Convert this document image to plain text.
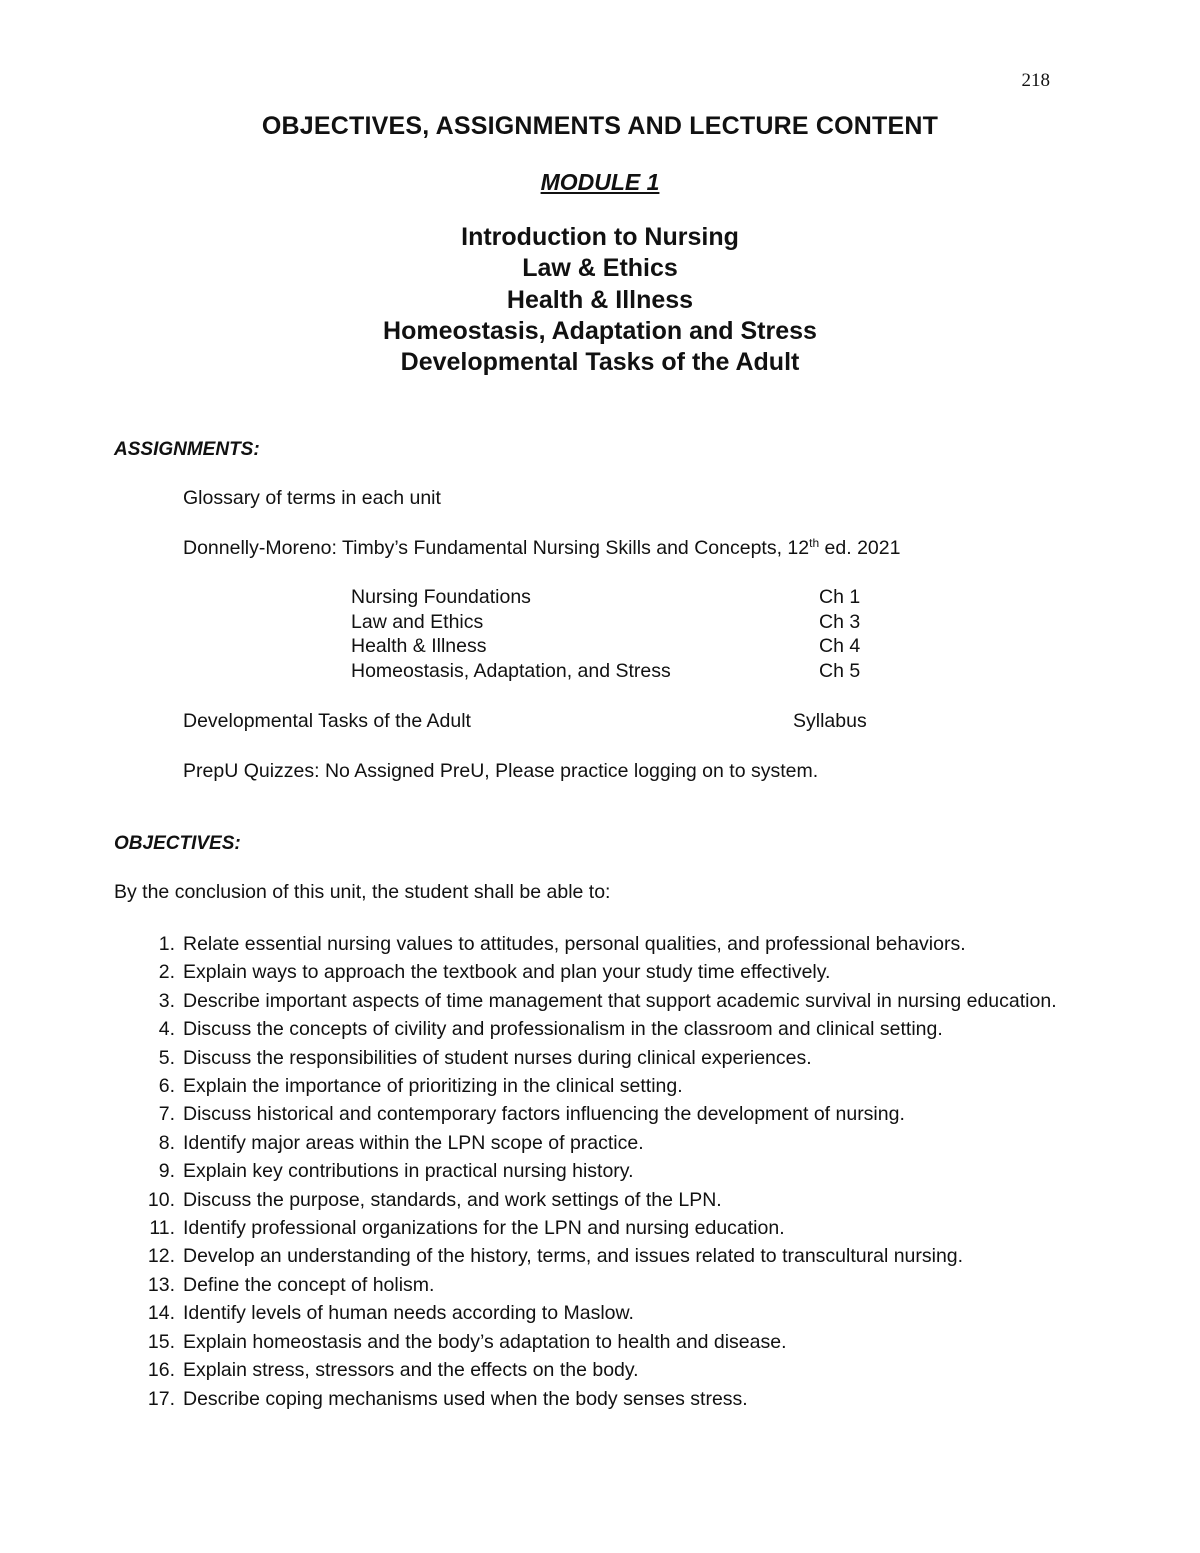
218
OBJECTIVES, ASSIGNMENTS AND LECTURE CONTENT
MODULE 1
Introduction to Nursing
Law & Ethics
Health & Illness
Homeostasis, Adaptation and Stress
Developmental Tasks of the Adult
ASSIGNMENTS:
Glossary of terms in each unit
Donnelly-Moreno: Timby’s Fundamental Nursing Skills and Concepts, 12th ed. 2021
Nursing Foundations	Ch 1
Law and Ethics	Ch 3
Health & Illness	Ch 4
Homeostasis, Adaptation, and Stress	Ch 5
Developmental Tasks of the Adult	Syllabus
PrepU Quizzes: No Assigned PreU, Please practice logging on to system.
OBJECTIVES:
By the conclusion of this unit, the student shall be able to:
1. Relate essential nursing values to attitudes, personal qualities, and professional behaviors.
2. Explain ways to approach the textbook and plan your study time effectively.
3. Describe important aspects of time management that support academic survival in nursing education.
4. Discuss the concepts of civility and professionalism in the classroom and clinical setting.
5. Discuss the responsibilities of student nurses during clinical experiences.
6. Explain the importance of prioritizing in the clinical setting.
7. Discuss historical and contemporary factors influencing the development of nursing.
8. Identify major areas within the LPN scope of practice.
9. Explain key contributions in practical nursing history.
10. Discuss the purpose, standards, and work settings of the LPN.
11. Identify professional organizations for the LPN and nursing education.
12. Develop an understanding of the history, terms, and issues related to transcultural nursing.
13. Define the concept of holism.
14. Identify levels of human needs according to Maslow.
15. Explain homeostasis and the body’s adaptation to health and disease.
16. Explain stress, stressors and the effects on the body.
17. Describe coping mechanisms used when the body senses stress.
